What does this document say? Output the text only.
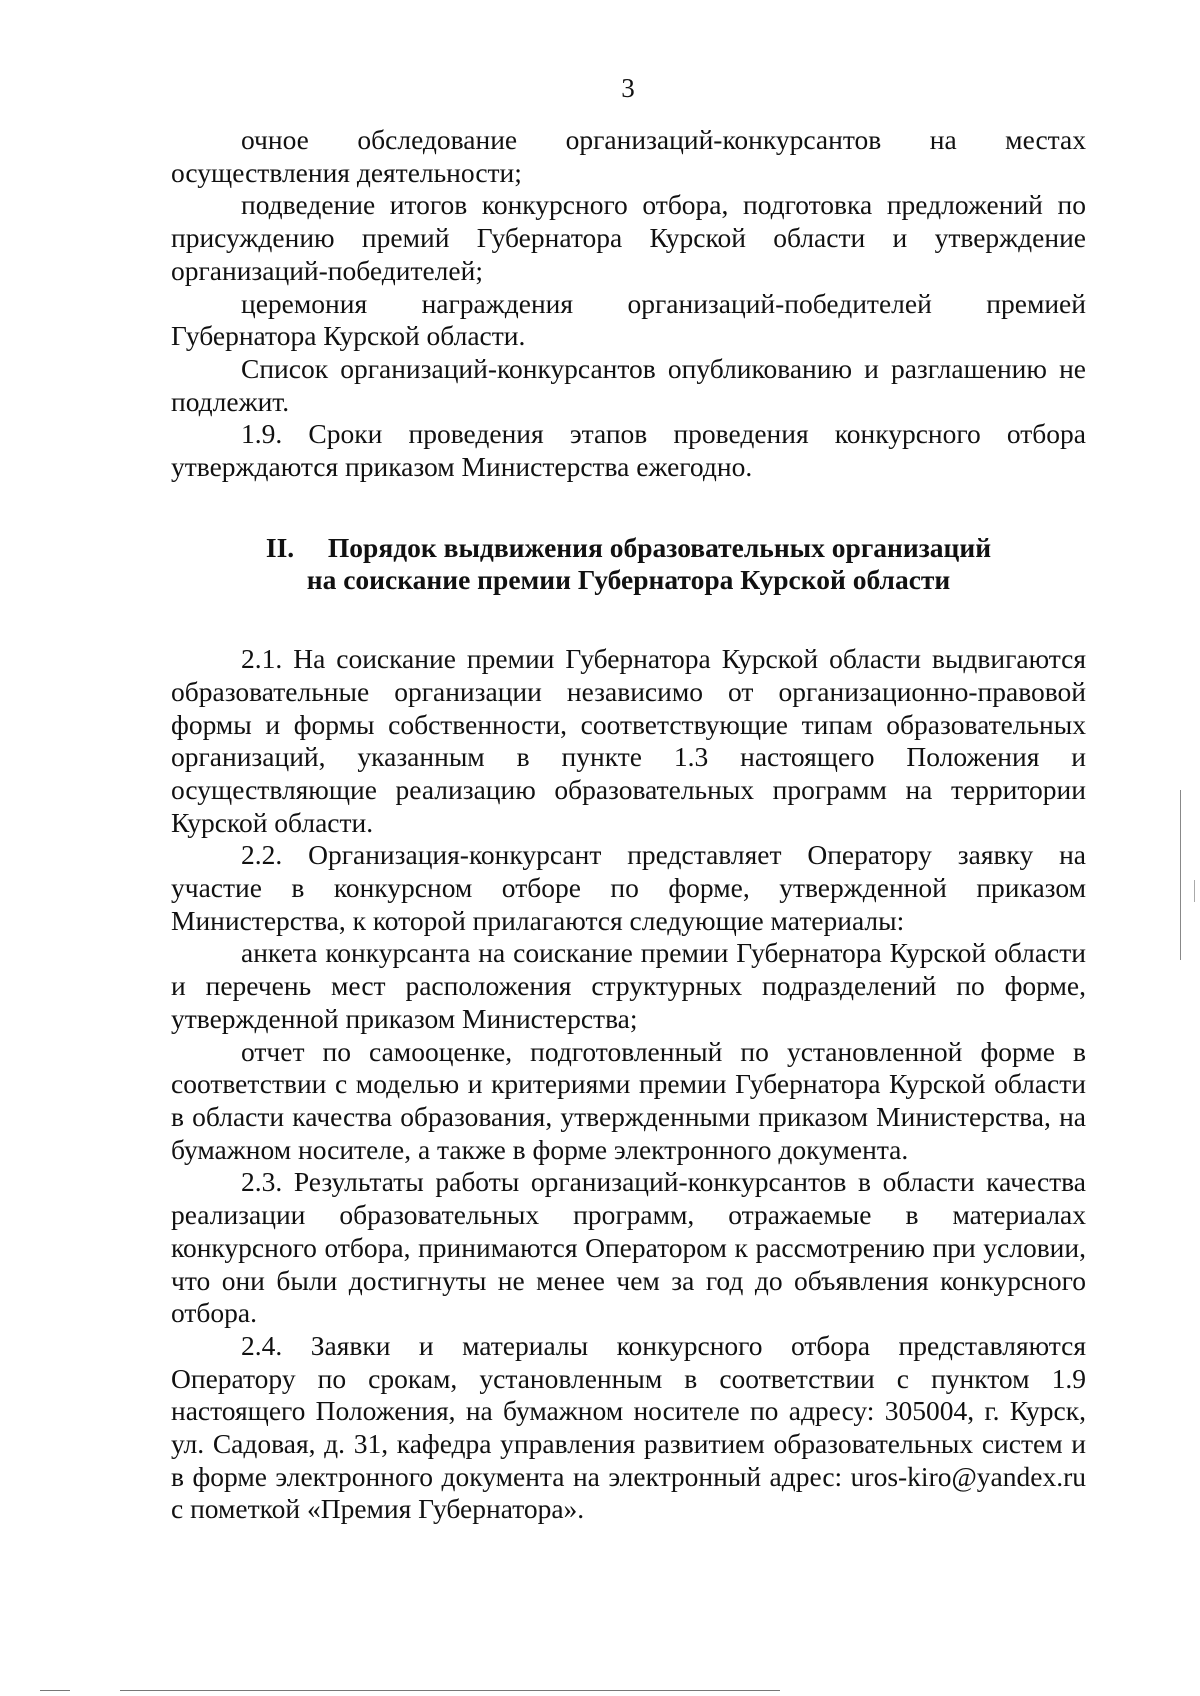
3

очное обследование организаций-конкурсантов на местах

осуществления деятельности;

подведение итогов конкурсного отбора, подготовка предложений по присуждению премий Губернатора Курской области и утверждение организаций-победителей;

церемония награждения организаций-победителей премией

Губернатора Курской области.

Список организаций-конкурсантов опубликованию и разглашению не подлежит.

1.9. Сроки проведения этапов проведения конкурсного отбора утверждаются приказом Министерства ежегодно.

II. Порядок выдвижения образовательных организаций
на соискание премии Губернатора Курской области

2.1. На соискание премии Губернатора Курской области выдвигаются образовательные организации независимо от организационно-правовой формы и формы собственности, соответствующие типам образовательных организаций, указанным в пункте 1.3 настоящего Положения и осуществляющие реализацию образовательных программ на территории Курской области.

2.2. Организация-конкурсант представляет Оператору заявку на участие в конкурсном отборе по форме, утвержденной приказом Министерства, к которой прилагаются следующие материалы:

анкета конкурсанта на соискание премии Губернатора Курской области и перечень мест расположения структурных подразделений по форме, утвержденной приказом Министерства;

отчет по самооценке, подготовленный по установленной форме в соответствии с моделью и критериями премии Губернатора Курской области в области качества образования, утвержденными приказом Министерства, на бумажном носителе, а также в форме электронного документа.

2.3. Результаты работы организаций-конкурсантов в области качества реализации образовательных программ, отражаемые в материалах конкурсного отбора, принимаются Оператором к рассмотрению при условии, что они были достигнуты не менее чем за год до объявления конкурсного отбора.

2.4. Заявки и материалы конкурсного отбора представляются Оператору по срокам, установленным в соответствии с пунктом 1.9 настоящего Положения, на бумажном носителе по адресу: 305004, г. Курск, ул. Садовая, д. 31, кафедра управления развитием образовательных систем и в форме электронного документа на электронный адрес: uros-kiro@yandex.ru с пометкой «Премия Губернатора».
